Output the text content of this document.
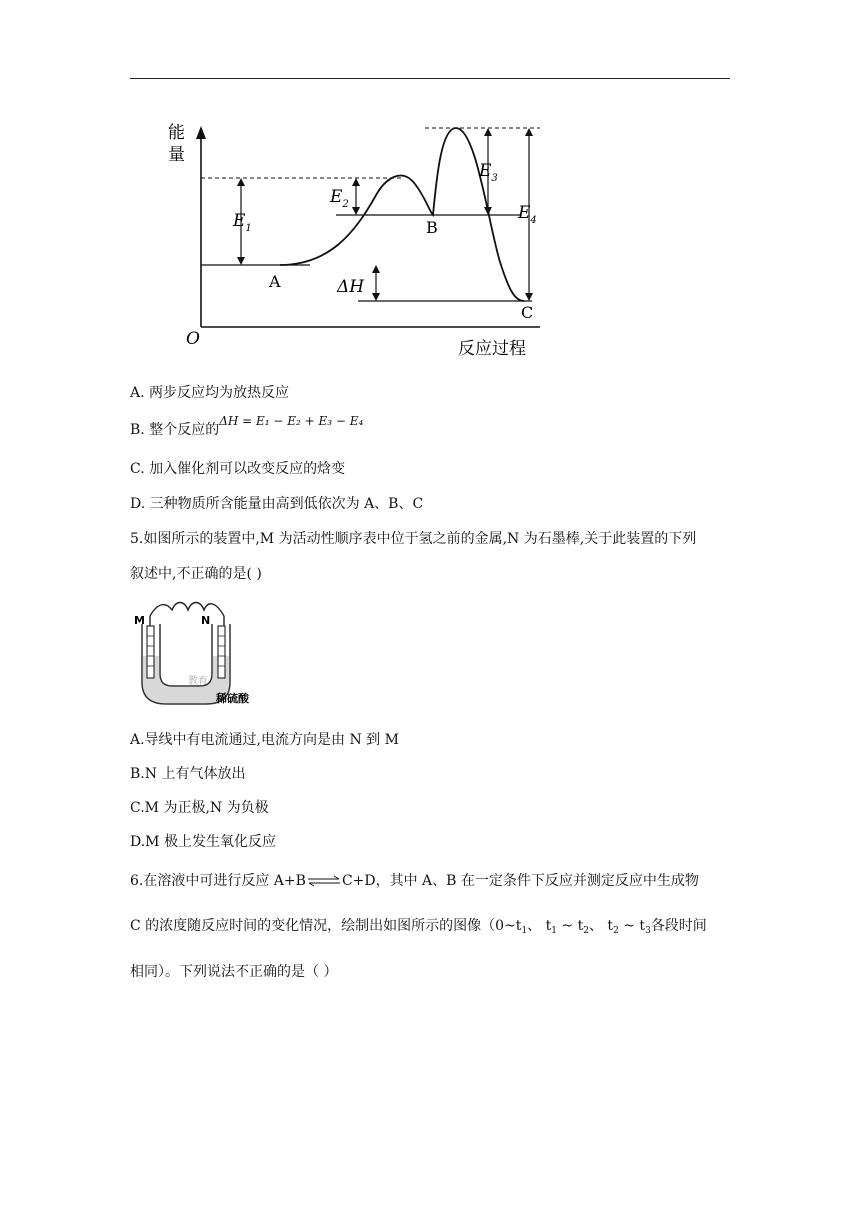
能
量
O	反应过程
$E_1$
$E_2$
$E_3$
$E_4$
ΔH
A
B
C
A. 两步反应均为放热反应
B. 整个反应的ΔH = E₁ − E₂ + E₃ − E₄
C. 加入催化剂可以改变反应的焓变
D. 三种物质所含能量由高到低依次为 A、B、C
5.如图所示的装置中,M 为活动性顺序表中位于氢之前的金属,N 为石墨棒,关于此装置的下列
叙述中,不正确的是( )
M	N
教育
稀硫酸
A.导线中有电流通过,电流方向是由 N 到 M
B.N 上有气体放出
C.M 为正极,N 为负极
D.M 极上发生氧化反应
6.在溶液中可进行反应 A+B⇌C+D，其中 A、B 在一定条件下反应并测定反应中生成物
C 的浓度随反应时间的变化情况，绘制出如图所示的图像（$0\sim t_1$、 $t_1$ ~ $t_2$、 $t_2$ ~ $t_3$各段时间
相同）。下列说法不正确的是（ ）
